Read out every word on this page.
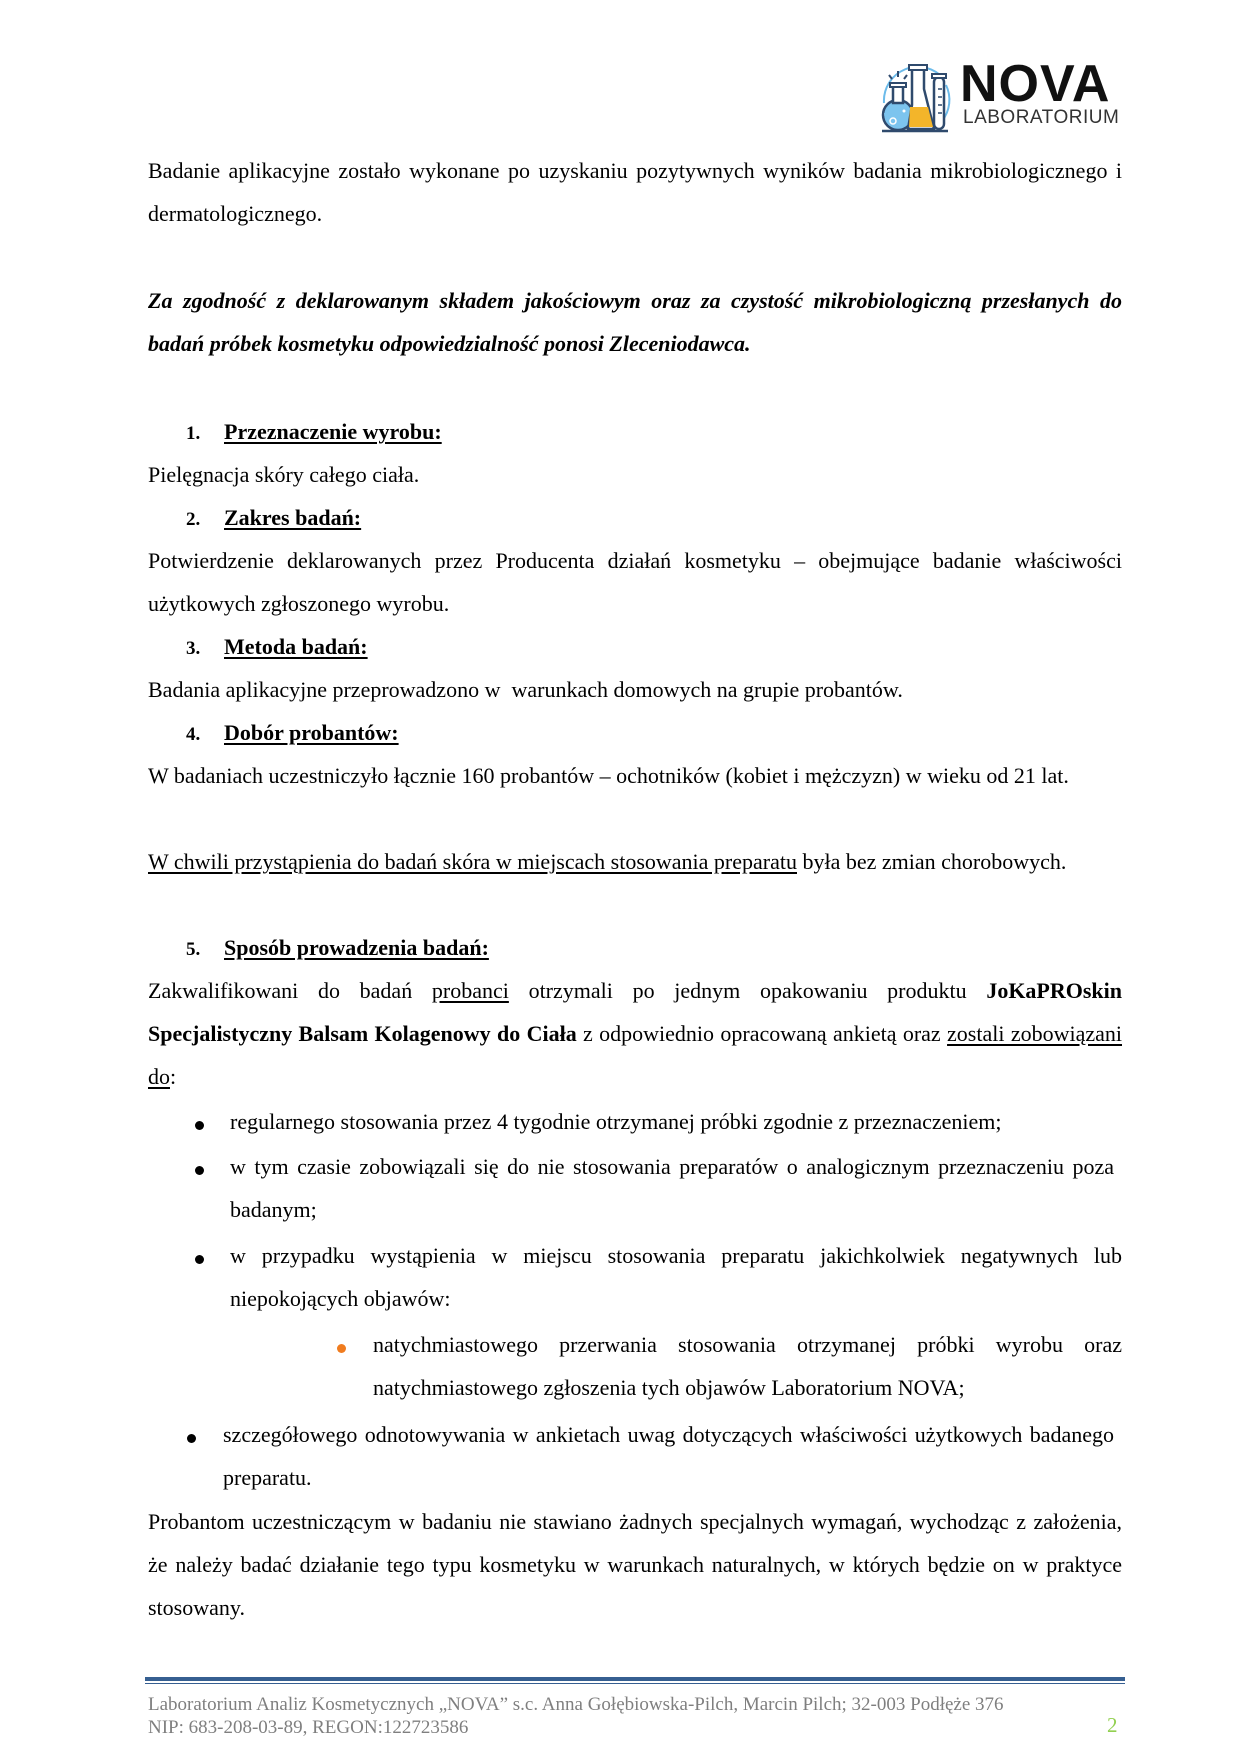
NOVA
LABORATORIUM
Badanie aplikacyjne zostało wykonane po uzyskaniu pozytywnych wyników badania mikrobiologicznego i dermatologicznego.
Za zgodność z deklarowanym składem jakościowym oraz za czystość mikrobiologiczną przesłanych do badań próbek kosmetyku odpowiedzialność ponosi Zleceniodawca.
1. Przeznaczenie wyrobu:
Pielęgnacja skóry całego ciała.
2. Zakres badań:
Potwierdzenie deklarowanych przez Producenta działań kosmetyku – obejmujące badanie właściwości użytkowych zgłoszonego wyrobu.
3. Metoda badań:
Badania aplikacyjne przeprowadzono w  warunkach domowych na grupie probantów.
4. Dobór probantów:
W badaniach uczestniczyło łącznie 160 probantów – ochotników (kobiet i mężczyzn) w wieku od 21 lat.
W chwili przystąpienia do badań skóra w miejscach stosowania preparatu była bez zmian chorobowych.
5. Sposób prowadzenia badań:
Zakwalifikowani do badań probanci otrzymali po jednym opakowaniu produktu JoKaPROskin Specjalistyczny Balsam Kolagenowy do Ciała z odpowiednio opracowaną ankietą oraz zostali zobowiązani do:
regularnego stosowania przez 4 tygodnie otrzymanej próbki zgodnie z przeznaczeniem;
w tym czasie zobowiązali się do nie stosowania preparatów o analogicznym przeznaczeniu poza badanym;
w przypadku wystąpienia w miejscu stosowania preparatu jakichkolwiek negatywnych lub niepokojących objawów:
natychmiastowego przerwania stosowania otrzymanej próbki wyrobu oraz natychmiastowego zgłoszenia tych objawów Laboratorium NOVA;
szczegółowego odnotowywania w ankietach uwag dotyczących właściwości użytkowych badanego preparatu.
Probantom uczestniczącym w badaniu nie stawiano żadnych specjalnych wymagań, wychodząc z założenia, że należy badać działanie tego typu kosmetyku w warunkach naturalnych, w których będzie on w praktyce stosowany.
Laboratorium Analiz Kosmetycznych „NOVA” s.c. Anna Gołębiowska-Pilch, Marcin Pilch; 32-003 Podłęże 376
NIP: 683-208-03-89, REGON:122723586	2
